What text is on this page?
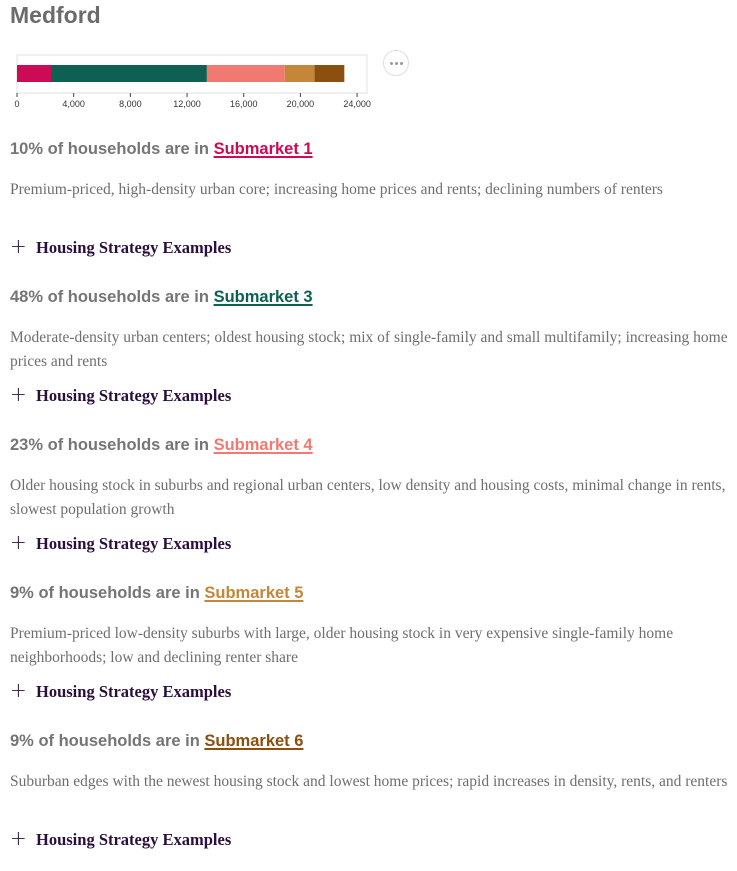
Medford
0	4,000	8,000	12,000	16,000	20,000	24,000

10% of households are in Submarket 1

Premium-priced, high-density urban core; increasing home prices and rents; declining numbers of renters

+ Housing Strategy Examples

48% of households are in Submarket 3

Moderate-density urban centers; oldest housing stock; mix of single-family and small multifamily; increasing home prices and rents

+ Housing Strategy Examples

23% of households are in Submarket 4

Older housing stock in suburbs and regional urban centers, low density and housing costs, minimal change in rents, slowest population growth

+ Housing Strategy Examples

9% of households are in Submarket 5

Premium-priced low-density suburbs with large, older housing stock in very expensive single-family home neighborhoods; low and declining renter share

+ Housing Strategy Examples

9% of households are in Submarket 6

Suburban edges with the newest housing stock and lowest home prices; rapid increases in density, rents, and renters

+ Housing Strategy Examples
